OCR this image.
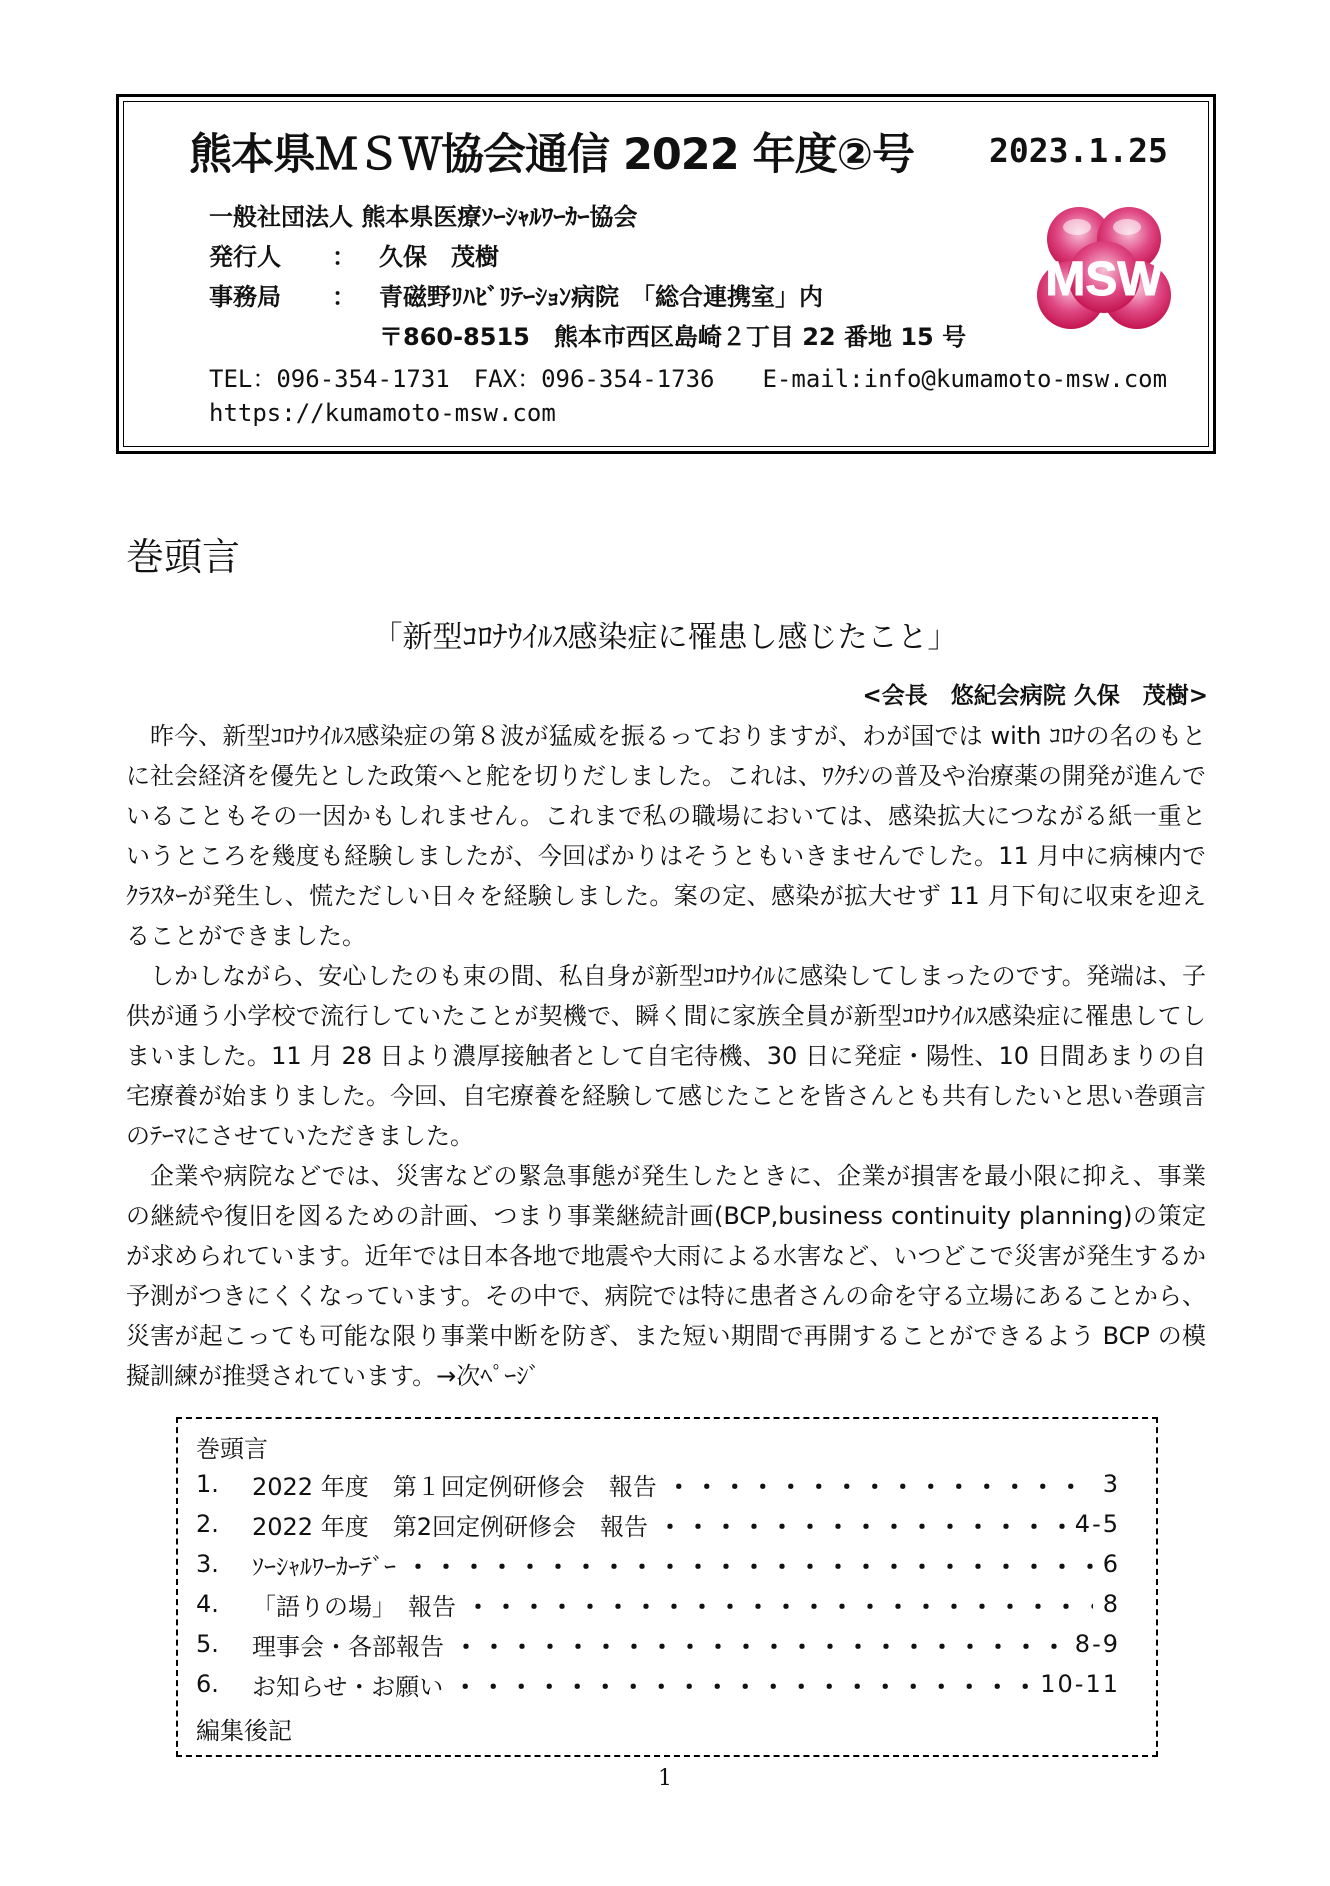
熊本県ＭＳＷ協会通信 2022 年度②号 2023.1.25
一般社団法人 熊本県医療ｿｰｼｬﾙﾜｰｶｰ協会
発行人 ： 久保　茂樹
事務局 ： 青磁野ﾘﾊﾋﾞﾘﾃｰｼｮﾝ病院　「総合連携室」内
〒860-8515　熊本市西区島崎２丁目 22 番地 15 号
TEL：096-354-1731　FAX：096-354-1736　　E-mail:info@kumamoto-msw.com
https://kumamoto-msw.com
MSW
巻頭言
「新型ｺﾛﾅｳｲﾙｽ感染症に罹患し感じたこと」
<会長　悠紀会病院 久保　茂樹>

昨今、新型ｺﾛﾅｳｲﾙｽ感染症の第８波が猛威を振るっておりますが、わが国では with ｺﾛﾅの名のもとに社会経済を優先とした政策へと舵を切りだしました。これは、ﾜｸﾁﾝの普及や治療薬の開発が進んでいることもその一因かもしれません。これまで私の職場においては、感染拡大につながる紙一重というところを幾度も経験しましたが、今回ばかりはそうともいきませんでした。11 月中に病棟内でｸﾗｽﾀｰが発生し、慌ただしい日々を経験しました。案の定、感染が拡大せず 11 月下旬に収束を迎えることができました。

しかしながら、安心したのも束の間、私自身が新型ｺﾛﾅｳｲﾙに感染してしまったのです。発端は、子供が通う小学校で流行していたことが契機で、瞬く間に家族全員が新型ｺﾛﾅｳｲﾙｽ感染症に罹患してしまいました。11 月 28 日より濃厚接触者として自宅待機、30 日に発症・陽性、10 日間あまりの自宅療養が始まりました。今回、自宅療養を経験して感じたことを皆さんとも共有したいと思い巻頭言のﾃｰﾏにさせていただきました。

企業や病院などでは、災害などの緊急事態が発生したときに、企業が損害を最小限に抑え、事業の継続や復旧を図るための計画、つまり事業継続計画(BCP,business continuity planning)の策定が求められています。近年では日本各地で地震や大雨による水害など、いつどこで災害が発生するか予測がつきにくくなっています。その中で、病院では特に患者さんの命を守る立場にあることから、災害が起こっても可能な限り事業中断を防ぎ、また短い期間で再開することができるよう BCP の模擬訓練が推奨されています。→次ﾍﾟｰｼﾞ

巻頭言
1.	2022 年度　第１回定例研修会　報告 ・・・・・・・・・・・・・・・・・・・・・・・・・・・・・・・・・・・・・・・・・・・・・・・・・	3
2.	2022 年度　第2回定例研修会　報告 ・・・・・・・・・・・・・・・・・・・・・・・・・・・・・・・・・・・・・・・・・・・・・・・・・	4-5
3.	ｿｰｼｬﾙﾜｰｶｰﾃﾞｰ ・・・・・・・・・・・・・・・・・・・・・・・・・・・・・・・・・・・・・・・・・・・・・・・・・	6
4.	「語りの場」　報告 ・・・・・・・・・・・・・・・・・・・・・・・・・・・・・・・・・・・・・・・・・・・・・・・・・	8
5.	理事会・各部報告 ・・・・・・・・・・・・・・・・・・・・・・・・・・・・・・・・・・・・・・・・・・・・・・・・・	8-9
6.	お知らせ・お願い ・・・・・・・・・・・・・・・・・・・・・・・・・・・・・・・・・・・・・・・・・・・・・・・・・	10-11
編集後記
1
